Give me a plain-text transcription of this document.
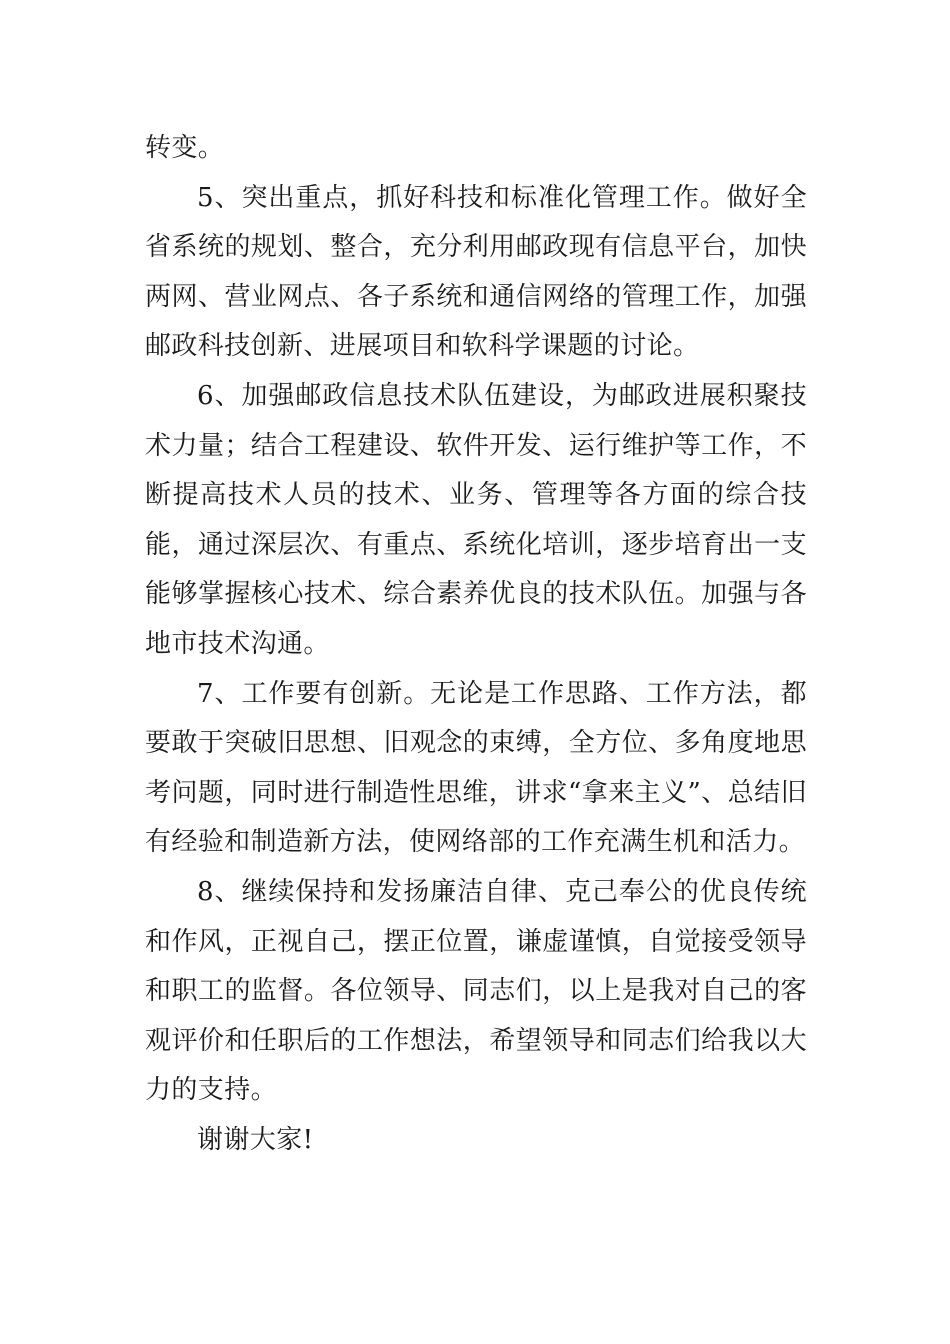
转变。

5、突出重点，抓好科技和标准化管理工作。做好全省系统的规划、整合，充分利用邮政现有信息平台，加快两网、营业网点、各子系统和通信网络的管理工作，加强邮政科技创新、进展项目和软科学课题的讨论。

6、加强邮政信息技术队伍建设，为邮政进展积聚技术力量；结合工程建设、软件开发、运行维护等工作，不断提高技术人员的技术、业务、管理等各方面的综合技能，通过深层次、有重点、系统化培训，逐步培育出一支能够掌握核心技术、综合素养优良的技术队伍。加强与各地市技术沟通。

7、工作要有创新。无论是工作思路、工作方法，都要敢于突破旧思想、旧观念的束缚，全方位、多角度地思考问题，同时进行制造性思维，讲求“拿来主义”、总结旧有经验和制造新方法，使网络部的工作充满生机和活力。

8、继续保持和发扬廉洁自律、克己奉公的优良传统和作风，正视自己，摆正位置，谦虚谨慎，自觉接受领导和职工的监督。各位领导、同志们，以上是我对自己的客观评价和任职后的工作想法，希望领导和同志们给我以大力的支持。

谢谢大家!
